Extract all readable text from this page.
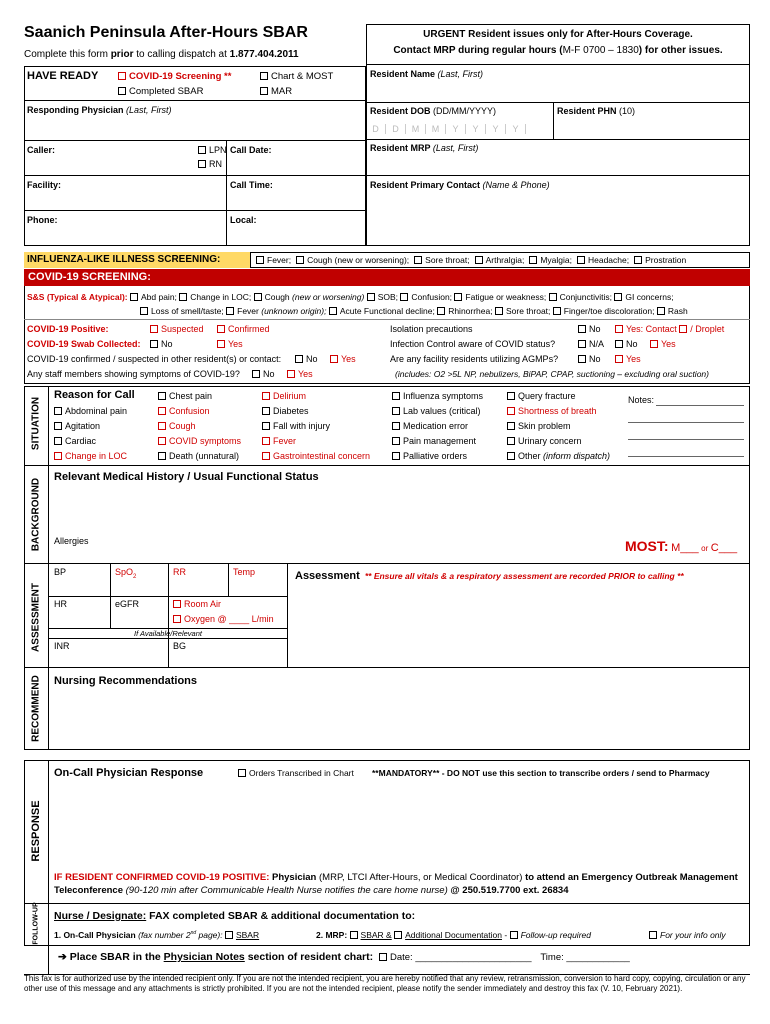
Saanich Peninsula After-Hours SBAR
Complete this form prior to calling dispatch at 1.877.404.2011
HAVE READY	COVID-19 Screening **
Completed SBAR
Chart & MOST
MAR
Responding Physician (Last, First)
Caller:	LPN
RN
Call Date:
Facility:	Call Time:
Phone:	Local:
URGENT Resident issues only for After-Hours Coverage.
Contact MRP during regular hours (M-F 0700 – 1830) for other issues.
Resident Name (Last, First)
Resident DOB (DD/MM/YYYY)	Resident PHN (10)
D D M M Y Y Y Y
Resident MRP (Last, First)
Resident Primary Contact (Name & Phone)
INFLUENZA-LIKE ILLNESS SCREENING:	Fever; Cough (new or worsening); Sore throat; Arthralgia; Myalgia; Headache; Prostration
COVID-19 SCREENING:
S&S (Typical & Atypical): Abd pain; Change in LOC; Cough (new or worsening) SOB; Confusion; Fatigue or weakness; Conjunctivitis; GI concerns;
Loss of smell/taste; Fever (unknown origin); Acute Functional decline; Rhinorrhea; Sore throat; Finger/toe discoloration; Rash
COVID-19 Positive:	Suspected	Confirmed
COVID-19 Swab Collected:	No	Yes
COVID-19 confirmed / suspected in other resident(s) or contact:	No	Yes
Any staff members showing symptoms of COVID-19?	No	Yes
Isolation precautions	No	Yes: Contact / Droplet
Infection Control aware of COVID status?	N/A	No	Yes
Are any facility residents utilizing AGMPs?	No	Yes
(includes: O2 >5L NP, nebulizers, BiPAP, CPAP, suctioning – excluding oral suction)
SITUATION
Reason for Call
Abdominal pain
Agitation
Cardiac
Change in LOC
Chest pain
Confusion
Cough
COVID symptoms
Death (unnatural)
Delirium
Diabetes
Fall with injury
Fever
Gastrointestinal concern
Influenza symptoms
Lab values (critical)
Medication error
Pain management
Palliative orders
Query fracture
Shortness of breath
Skin problem
Urinary concern
Other (inform dispatch)
Notes:
BACKGROUND
Relevant Medical History / Usual Functional Status
Allergies	MOST: M___ or C___
ASSESSMENT
BP	SpO$_2$	RR	Temp
HR	eGFR	Room Air
Oxygen @ ____ L/min
If Available/Relevant
INR	BG
Assessment ** Ensure all vitals & a respiratory assessment are recorded PRIOR to calling **
RECOMMEND Nursing Recommendations
RESPONSE
On-Call Physician Response	Orders Transcribed in Chart **MANDATORY** - DO NOT use this section to transcribe orders / send to Pharmacy
IF RESIDENT CONFIRMED COVID-19 POSITIVE: Physician (MRP, LTCI After-Hours, or Medical Coordinator) to attend an Emergency Outbreak Management Teleconference (90-120 min after Communicable Health Nurse notifies the care home nurse) @ 250.519.7700 ext. 26834
FOLLOW-UP Nurse / Designate: FAX completed SBAR & additional documentation to:
1. On-Call Physician (fax number 2nd page): SBAR	2. MRP: SBAR & Additional Documentation - Follow-up required	For your info only
➔ Place SBAR in the Physician Notes section of resident chart: Date: ______________________ Time: ____________
This fax is for authorized use by the intended recipient only. If you are not the intended recipient, you are hereby notified that any review, retransmission, conversion to hard copy, copying, circulation or any other use of this message and any attachments is strictly prohibited. If you are not the intended recipient, please notify the sender immediately and destroy this fax (V. 10, February 2021).
